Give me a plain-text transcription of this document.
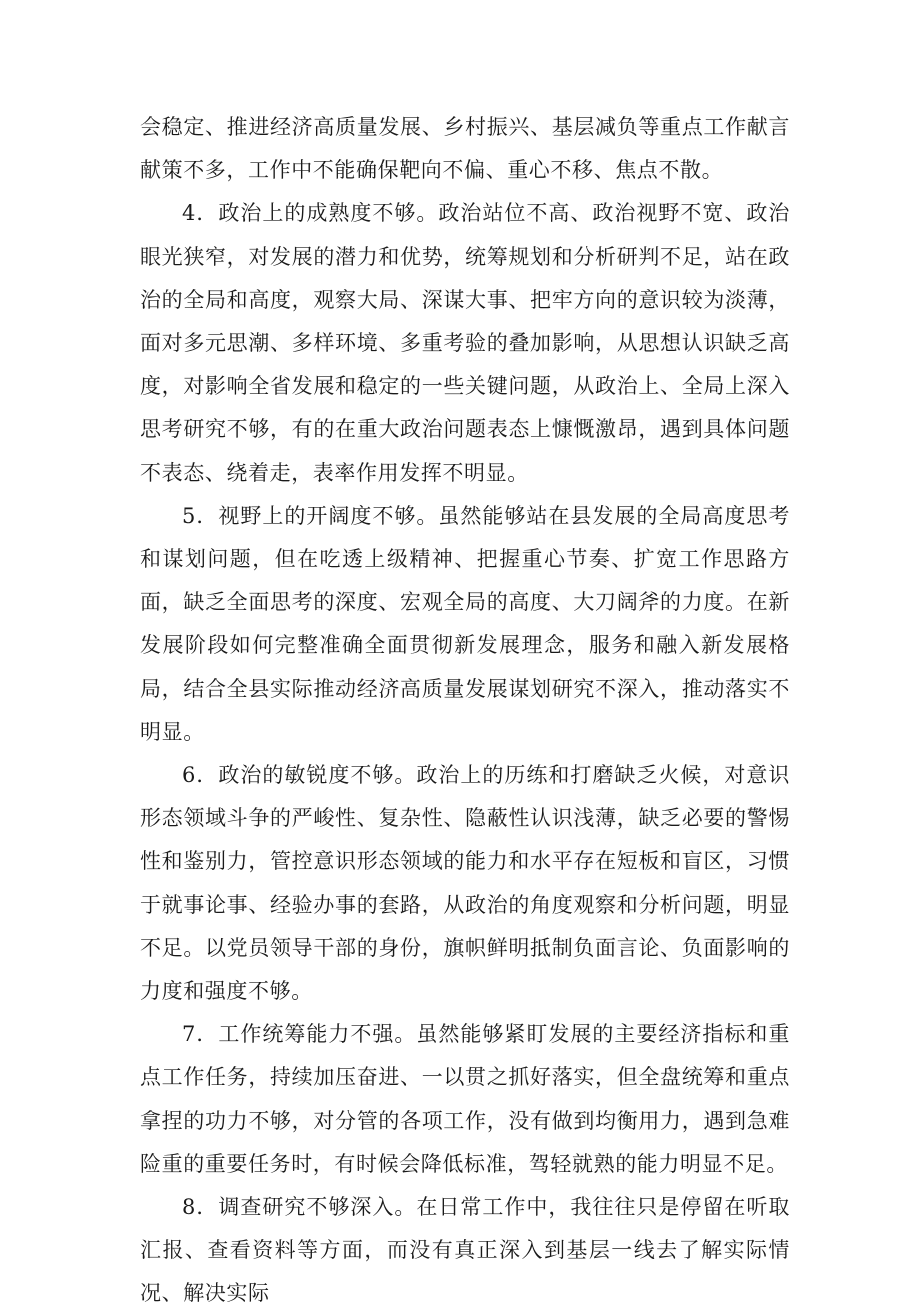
会稳定、推进经济高质量发展、乡村振兴、基层减负等重点工作献言献策不多，工作中不能确保靶向不偏、重心不移、焦点不散。

4．政治上的成熟度不够。政治站位不高、政治视野不宽、政治眼光狭窄，对发展的潜力和优势，统筹规划和分析研判不足，站在政治的全局和高度，观察大局、深谋大事、把牢方向的意识较为淡薄，面对多元思潮、多样环境、多重考验的叠加影响，从思想认识缺乏高度，对影响全省发展和稳定的一些关键问题，从政治上、全局上深入思考研究不够，有的在重大政治问题表态上慷慨激昂，遇到具体问题不表态、绕着走，表率作用发挥不明显。

5．视野上的开阔度不够。虽然能够站在县发展的全局高度思考和谋划问题，但在吃透上级精神、把握重心节奏、扩宽工作思路方面，缺乏全面思考的深度、宏观全局的高度、大刀阔斧的力度。在新发展阶段如何完整准确全面贯彻新发展理念，服务和融入新发展格局，结合全县实际推动经济高质量发展谋划研究不深入，推动落实不明显。

6．政治的敏锐度不够。政治上的历练和打磨缺乏火候，对意识形态领域斗争的严峻性、复杂性、隐蔽性认识浅薄，缺乏必要的警惕性和鉴别力，管控意识形态领域的能力和水平存在短板和盲区，习惯于就事论事、经验办事的套路，从政治的角度观察和分析问题，明显不足。以党员领导干部的身份，旗帜鲜明抵制负面言论、负面影响的力度和强度不够。

7．工作统筹能力不强。虽然能够紧盯发展的主要经济指标和重点工作任务，持续加压奋进、一以贯之抓好落实，但全盘统筹和重点拿捏的功力不够，对分管的各项工作，没有做到均衡用力，遇到急难险重的重要任务时，有时候会降低标准，驾轻就熟的能力明显不足。

8．调查研究不够深入。在日常工作中，我往往只是停留在听取汇报、查看资料等方面，而没有真正深入到基层一线去了解实际情况、解决实际
